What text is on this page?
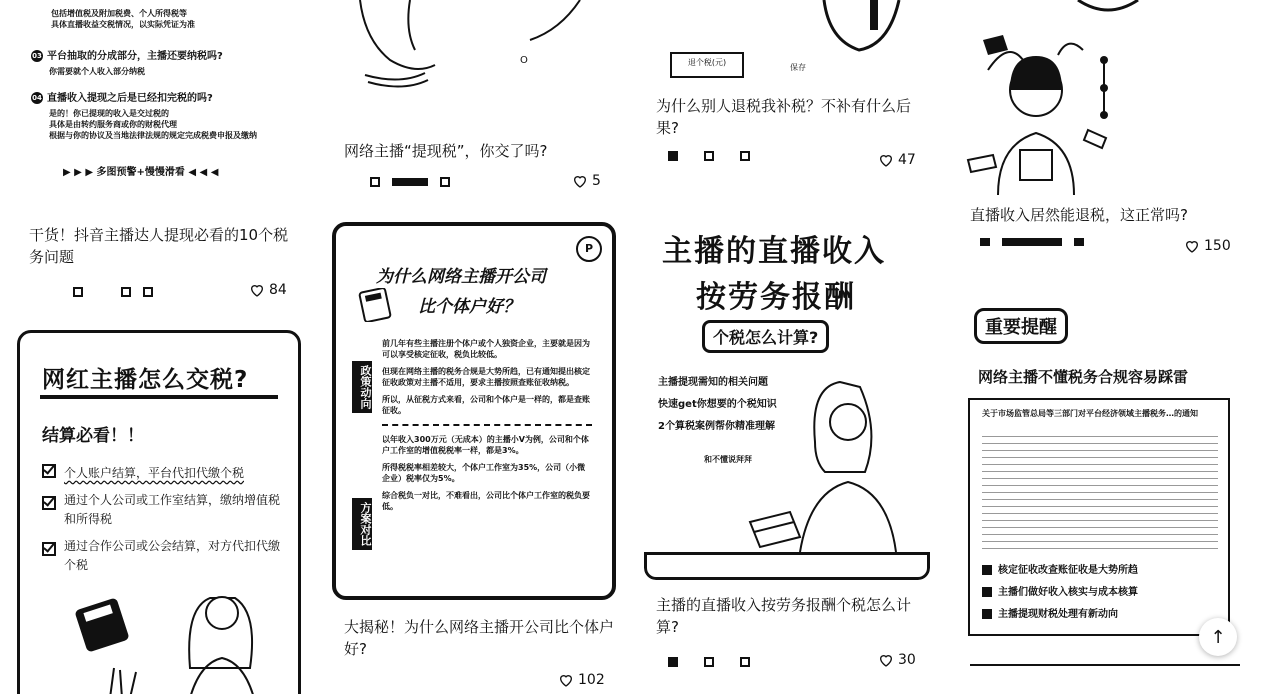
包括增值税及附加税费、个人所得税等
具体直播收益交税情况，以实际凭证为准
03 平台抽取的分成部分，主播还要纳税吗?
你需要就个人收入部分纳税
04 直播收入提现之后是已经扣完税的吗?
是的！你已提现的收入是交过税的
具体是由转约服务商或你的财税代理
根据与你的协议及当地法律法规的规定完成税费申报及缴纳
▶ ▶ ▶ 多图预警+慢慢滑看 ◀ ◀ ◀
干货！抖音主播达人提现必看的10个税务问题
84
网红主播怎么交税?
结算必看！！
个人账户结算，平台代扣代缴个税
通过个人公司或工作室结算，缴纳增值税和所得税
通过合作公司或公会结算，对方代扣代缴个税
O
网络主播“提现税”，你交了吗?
5
P
为什么网络主播开公司
比个体户好？
政策动向
方案对比
前几年有些主播注册个体户或个人独资企业，主要就是因为可以享受核定征收，税负比较低。
但现在网络主播的税务合规是大势所趋，已有通知提出核定征收政策对主播不适用，要求主播按照查账征收纳税。
所以，从征税方式来看，公司和个体户是一样的，都是查账征收。
以年收入300万元（无成本）的主播小V为例，公司和个体户工作室的增值税税率一样，都是3%。
所得税税率相差较大，个体户工作室为35%，公司（小微企业）税率仅为5%。
综合税负一对比，不难看出，公司比个体户工作室的税负要低。
大揭秘！为什么网络主播开公司比个体户好?
102
退个税(元)
保存
为什么别人退税我补税？不补有什么后果?
47
主播的直播收入
按劳务报酬
个税怎么计算?
主播提现需知的相关问题
快速get你想要的个税知识
2个算税案例帮你精准理解
和不懂说拜拜
主播的直播收入按劳务报酬个税怎么计算?
30
直播收入居然能退税，这正常吗?
150
重要提醒
网络主播不懂税务合规容易踩雷
关于市场监管总局等三部门对平台经济领域主播税务…的通知
核定征收改查账征收是大势所趋
主播们做好收入核实与成本核算
主播提现财税处理有新动向
↑
